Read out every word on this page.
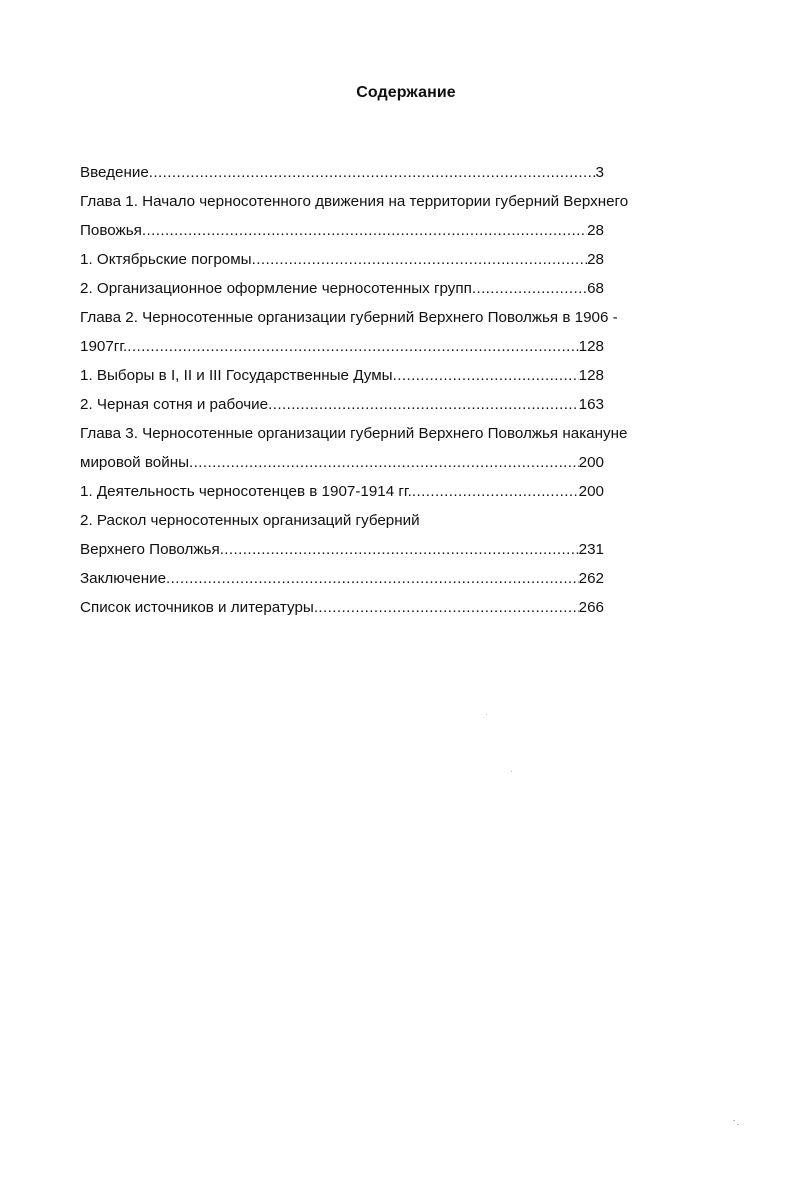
Содержание
Введение .....	3
Глава 1. Начало черносотенного движения на территории губерний Верхнего
Повожья .....	28
1. Октябрьские погромы .....	28
2. Организационное оформление черносотенных групп .....	68
Глава 2. Черносотенные организации губерний Верхнего Поволжья в 1906 -
1907гг. .....	128
1. Выборы в I, II и III Государственные Думы .....	128
2. Черная сотня и рабочие .....	163
Глава 3. Черносотенные организации губерний Верхнего Поволжья накануне
мировой войны .....	200
1. Деятельность черносотенцев в 1907-1914 гг. .....	200
2. Раскол черносотенных организаций губерний
Верхнего Поволжья .....	231
Заключение .....	262
Список источников и литературы .....	266
